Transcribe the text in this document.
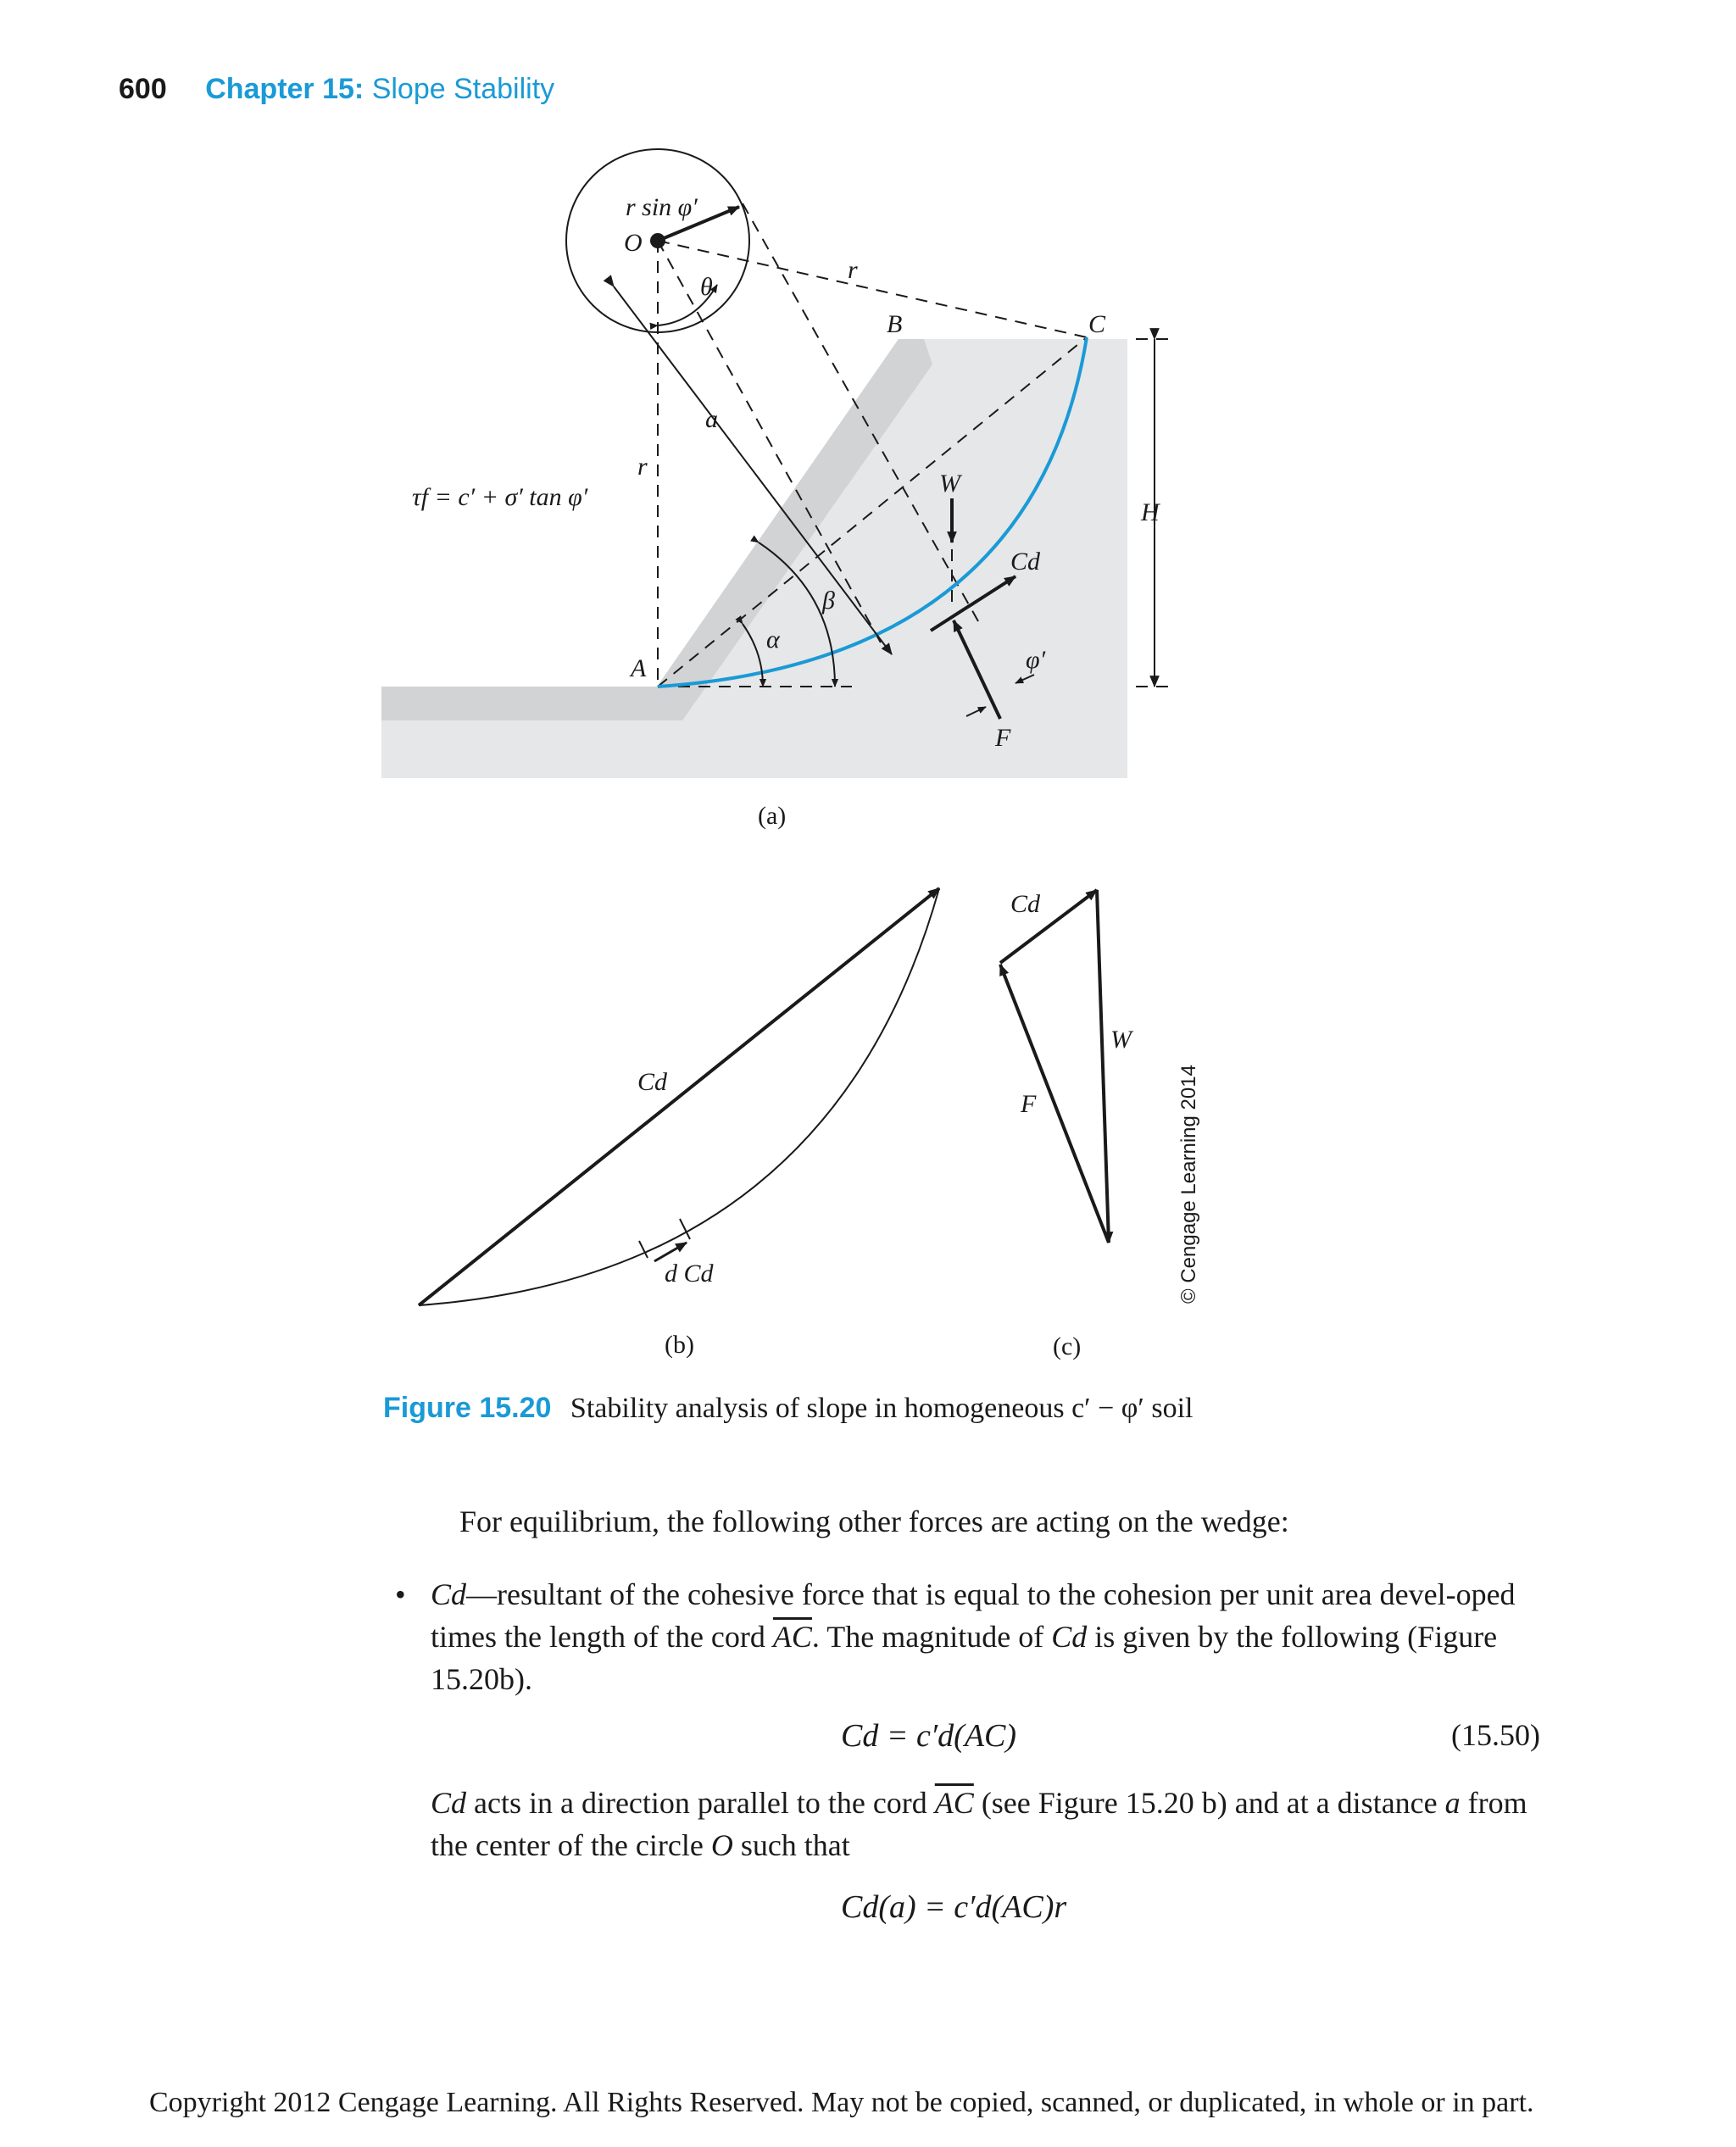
600 Chapter 15: Slope Stability
r sin φ′
O
θ
r
B	C
a
r
τf = c′ + σ′ tan φ′	W
Cd
H
β
α
φ′
A
F
(a)
Cd
d Cd
(b)
Cd
W
F
(c)
© Cengage Learning 2014
Figure 15.20 Stability analysis of slope in homogeneous c′ − φ′ soil
For equilibrium, the following other forces are acting on the wedge:
• Cd—resultant of the cohesive force that is equal to the cohesion per unit area devel-oped times the length of the cord $\overline{AC}$. The magnitude of Cd is given by the following (Figure 15.20b).
Cd = c′d(AC)	(15.50)
Cd acts in a direction parallel to the cord $\overline{AC}$ (see Figure 15.20 b) and at a distance a from the center of the circle O such that
Cd(a) = c′d(AC)r
Copyright 2012 Cengage Learning. All Rights Reserved. May not be copied, scanned, or duplicated, in whole or in part.
